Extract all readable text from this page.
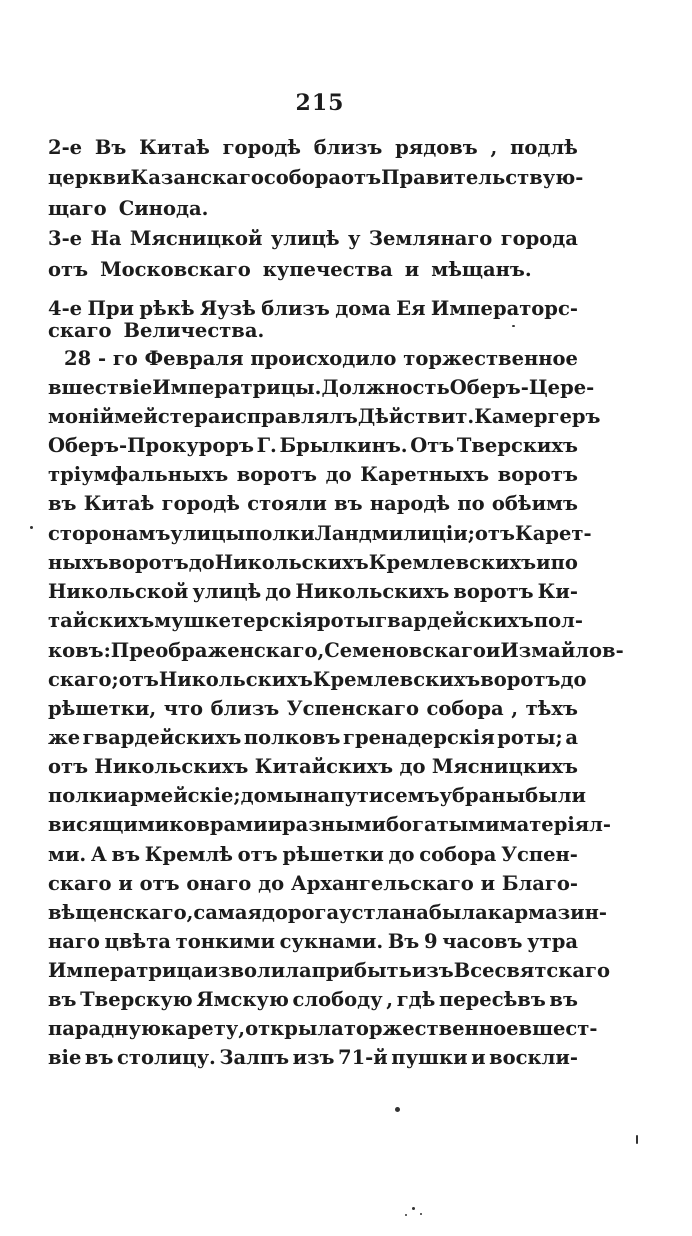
215
2-е Въ Китаѣ городѣ близъ рядовъ , подлѣ
церкви Казанскаго собора отъ Правительствую-
щаго Синода.
3-е На Мясницкой улицѣ у Землянаго города
отъ Московскаго купечества и мѣщанъ.
4-е При рѣкѣ Яузѣ близъ дома Ея Императорс-
скаго Величества.
28 - го Февраля происходило торжественное
вшествіе Императрицы. Должность Оберъ-Цере-
моніймейстера исправлялъ Дѣйствит. Камергеръ
Оберъ-Прокуроръ Г. Брылкинъ. Отъ Тверскихъ
тріумфальныхъ воротъ до Каретныхъ воротъ
въ Китаѣ городѣ стояли въ народѣ по обѣимъ
сторонамъ улицы полки Ландмилиціи; отъ Карет-
ныхъ воротъ до Никольскихъ Кремлевскихъ и по
Никольской улицѣ до Никольскихъ воротъ Ки-
тайскихъ мушкетерскія роты гвардейскихъ пол-
ковъ: Преображенскаго, Семеновскаго и Измайлов-
скаго; отъ Никольскихъ Кремлевскихъ воротъ до
рѣшетки, что близъ Успенскаго собора , тѣхъ
же гвардейскихъ полковъ гренадерскія роты; а
отъ Никольскихъ Китайскихъ до Мясницкихъ
полки армейскіе; домы на пути семъ убраны были
висящими коврами и разными богатыми матеріял-
ми. А въ Кремлѣ отъ рѣшетки до собора Успен-
скаго и отъ онаго до Архангельскаго и Благо-
вѣщенскаго, самая дорога устлана была кармазин-
наго цвѣта тонкими сукнами. Въ 9 часовъ утра
Императрица изволила прибыть изъ Всесвятскаго
въ Тверскую Ямскую слободу , гдѣ пересѣвъ въ
парадную карету, открыла торжественное вшест-
віе въ столицу. Залпъ изъ 71-й пушки и воскли-
